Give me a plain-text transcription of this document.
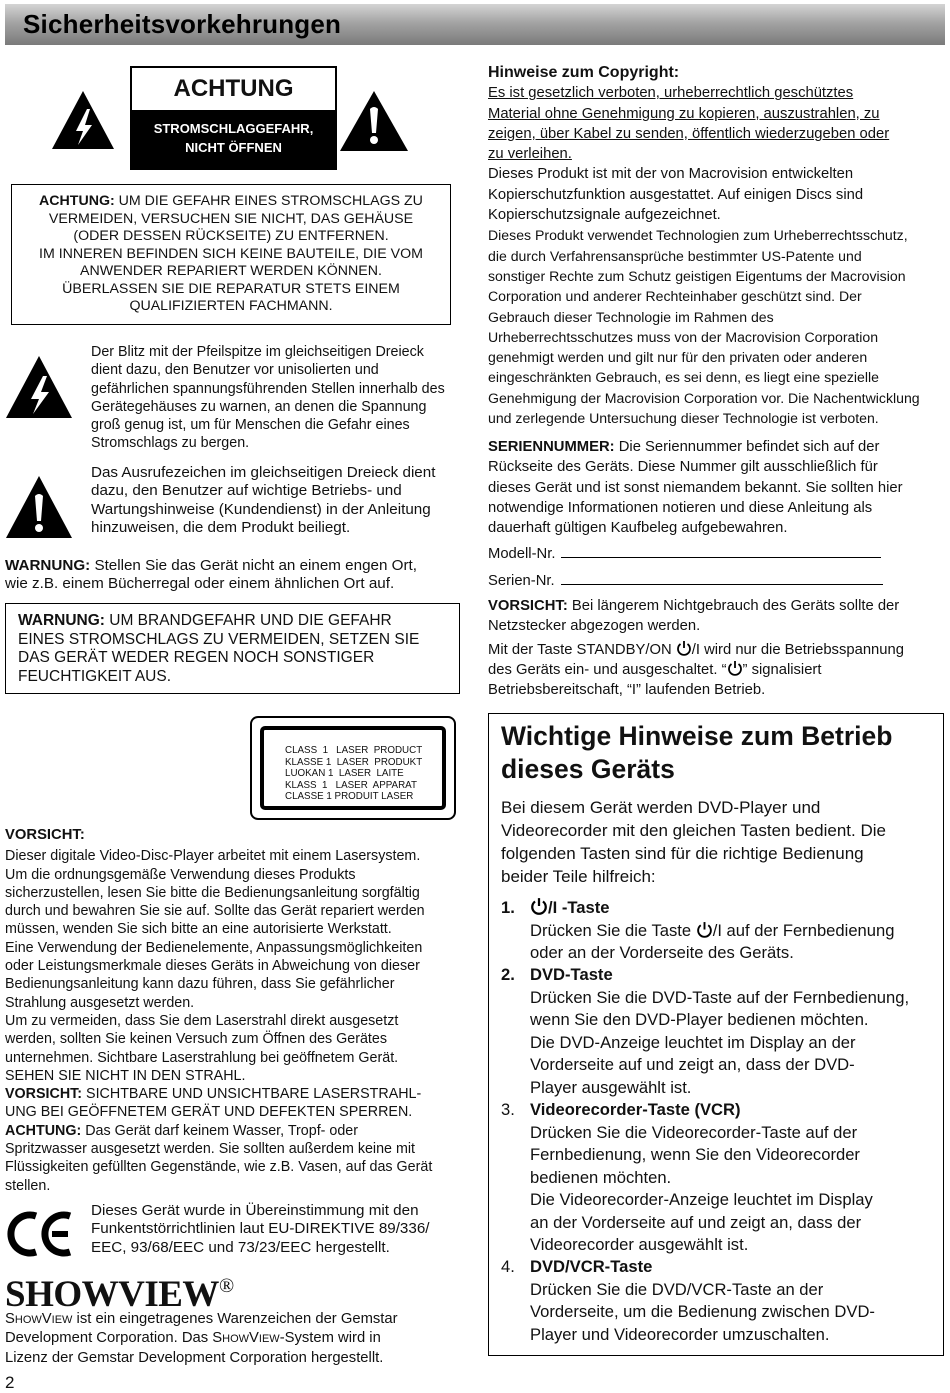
Sicherheitsvorkehrungen
ACHTUNG
STROMSCHLAGGEFAHR,
NICHT ÖFFNEN
ACHTUNG: UM DIE GEFAHR EINES STROMSCHLAGS ZU
VERMEIDEN, VERSUCHEN SIE NICHT, DAS GEHÄUSE
(ODER DESSEN RÜCKSEITE) ZU ENTFERNEN.
IM INNEREN BEFINDEN SICH KEINE BAUTEILE, DIE VOM
ANWENDER REPARIERT WERDEN KÖNNEN.
ÜBERLASSEN SIE DIE REPARATUR STETS EINEM
QUALIFIZIERTEN FACHMANN.
Der Blitz mit der Pfeilspitze im gleichseitigen Dreieck
dient dazu, den Benutzer vor unisolierten und
gefährlichen spannungsführenden Stellen innerhalb des
Gerätegehäuses zu warnen, an denen die Spannung
groß genug ist, um für Menschen die Gefahr eines
Stromschlags zu bergen.
Das Ausrufezeichen im gleichseitigen Dreieck dient
dazu, den Benutzer auf wichtige Betriebs- und
Wartungshinweise (Kundendienst) in der Anleitung
hinzuweisen, die dem Produkt beiliegt.
WARNUNG: Stellen Sie das Gerät nicht an einem engen Ort,
wie z.B. einem Bücherregal oder einem ähnlichen Ort auf.
WARNUNG: UM BRANDGEFAHR UND DIE GEFAHR
EINES STROMSCHLAGS ZU VERMEIDEN, SETZEN SIE
DAS GERÄT WEDER REGEN NOCH SONSTIGER
FEUCHTIGKEIT AUS.
CLASS  1   LASER  PRODUCT
KLASSE 1  LASER  PRODUKT
LUOKAN 1  LASER  LAITE
KLASS  1   LASER  APPARAT
CLASSE 1 PRODUIT LASER
VORSICHT:
Dieser digitale Video-Disc-Player arbeitet mit einem Lasersystem.
Um die ordnungsgemäße Verwendung dieses Produkts
sicherzustellen, lesen Sie bitte die Bedienungsanleitung sorgfältig
durch und bewahren Sie sie auf. Sollte das Gerät repariert werden
müssen, wenden Sie sich bitte an eine autorisierte Werkstatt.
Eine Verwendung der Bedienelemente, Anpassungsmöglichkeiten
oder Leistungsmerkmale dieses Geräts in Abweichung von dieser
Bedienungsanleitung kann dazu führen, dass Sie gefährlicher
Strahlung ausgesetzt werden.
Um zu vermeiden, dass Sie dem Laserstrahl direkt ausgesetzt
werden, sollten Sie keinen Versuch zum Öffnen des Gerätes
unternehmen. Sichtbare Laserstrahlung bei geöffnetem Gerät.
SEHEN SIE NICHT IN DEN STRAHL.
VORSICHT: SICHTBARE UND UNSICHTBARE LASERSTRAHL-
UNG BEI GEÖFFNETEM GERÄT UND DEFEKTEN SPERREN.
ACHTUNG: Das Gerät darf keinem Wasser, Tropf- oder
Spritzwasser ausgesetzt werden. Sie sollten außerdem keine mit
Flüssigkeiten gefüllten Gegenstände, wie z.B. Vasen, auf das Gerät
stellen.
Dieses Gerät wurde in Übereinstimmung mit den
Funkentstörrichtlinien laut EU-DIREKTIVE 89/336/
EEC, 93/68/EEC und 73/23/EEC hergestellt.
SHOWVIEW®
SHOWVIEW ist ein eingetragenes Warenzeichen der Gemstar
Development Corporation. Das SHOWVIEW-System wird in
Lizenz der Gemstar Development Corporation hergestellt.
2
Hinweise zum Copyright:
Es ist gesetzlich verboten, urheberrechtlich geschütztes
Material ohne Genehmigung zu kopieren, auszustrahlen, zu
zeigen, über Kabel zu senden, öffentlich wiederzugeben oder
zu verleihen.
Dieses Produkt ist mit der von Macrovision entwickelten
Kopierschutzfunktion ausgestattet. Auf einigen Discs sind
Kopierschutzsignale aufgezeichnet.
Dieses Produkt verwendet Technologien zum Urheberrechtsschutz,
die durch Verfahrensansprüche bestimmter US-Patente und
sonstiger Rechte zum Schutz geistigen Eigentums der Macrovision
Corporation und anderer Rechteinhaber geschützt sind. Der
Gebrauch dieser Technologie im Rahmen des
Urheberrechtsschutzes muss von der Macrovision Corporation
genehmigt werden und gilt nur für den privaten oder anderen
eingeschränkten Gebrauch, es sei denn, es liegt eine spezielle
Genehmigung der Macrovision Corporation vor. Die Nachentwicklung
und zerlegende Untersuchung dieser Technologie ist verboten.
SERIENNUMMER: Die Seriennummer befindet sich auf der
Rückseite des Geräts. Diese Nummer gilt ausschließlich für
dieses Gerät und ist sonst niemandem bekannt. Sie sollten hier
notwendige Informationen notieren und diese Anleitung als
dauerhaft gültigen Kaufbeleg aufgebewahren.
Modell-Nr.
Serien-Nr.
VORSICHT: Bei längerem Nichtgebrauch des Geräts sollte der
Netzstecker abgezogen werden.
Mit der Taste STANDBY/ON
/I wird nur die Betriebsspannung
des Geräts ein- und ausgeschaltet. “ ” signalisiert
Betriebsbereitschaft, “I” laufenden Betrieb.
Wichtige Hinweise zum Betrieb
dieses Geräts
Bei diesem Gerät werden DVD-Player und
Videorecorder mit den gleichen Tasten bedient. Die
folgenden Tasten sind für die richtige Bedienung
beider Teile hilfreich:
1.	/I -Taste
Drücken Sie die Taste
/I auf der Fernbedienung
oder an der Vorderseite des Geräts.
2. DVD-Taste
Drücken Sie die DVD-Taste auf der Fernbedienung,
wenn Sie den DVD-Player bedienen möchten.
Die DVD-Anzeige leuchtet im Display an der
Vorderseite auf und zeigt an, dass der DVD-
Player ausgewählt ist.
3. Videorecorder-Taste (VCR)
Drücken Sie die Videorecorder-Taste auf der
Fernbedienung, wenn Sie den Videorecorder
bedienen möchten.
Die Videorecorder-Anzeige leuchtet im Display
an der Vorderseite auf und zeigt an, dass der
Videorecorder ausgewählt ist.
4. DVD/VCR-Taste
Drücken Sie die DVD/VCR-Taste an der
Vorderseite, um die Bedienung zwischen DVD-
Player und Videorecorder umzuschalten.
